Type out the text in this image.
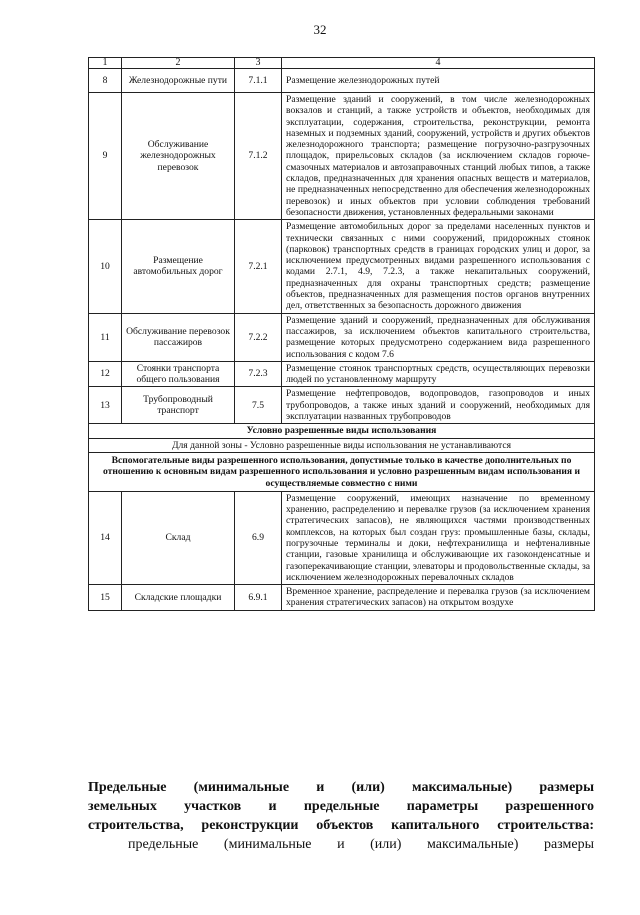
32
1	2	3	4
8	Железнодорожные пути	7.1.1	Размещение железнодорожных путей
9	Обслуживание железнодорожных перевозок	7.1.2	Размещение зданий и сооружений, в том числе железнодорожных вокзалов и станций, а также устройств и объектов, необходимых для эксплуатации, содержания, строительства, реконструкции, ремонта наземных и подземных зданий, сооружений, устройств и других объектов железнодорожного транспорта; размещение погрузочно-разгрузочных площадок, прирельсовых складов (за исключением складов горюче-смазочных материалов и автозаправочных станций любых типов, а также складов, предназначенных для хранения опасных веществ и материалов, не предназначенных непосредственно для обеспечения железнодорожных перевозок) и иных объектов при условии соблюдения требований безопасности движения, установленных федеральными законами
10	Размещение автомобильных дорог	7.2.1	Размещение автомобильных дорог за пределами населенных пунктов и технически связанных с ними сооружений, придорожных стоянок (парковок) транспортных средств в границах городских улиц и дорог, за исключением предусмотренных видами разрешенного использования с кодами 2.7.1, 4.9, 7.2.3, а также некапитальных сооружений, предназначенных для охраны транспортных средств; размещение объектов, предназначенных для размещения постов органов внутренних дел, ответственных за безопасность дорожного движения
11	Обслуживание перевозок пассажиров	7.2.2	Размещение зданий и сооружений, предназначенных для обслуживания пассажиров, за исключением объектов капитального строительства, размещение которых предусмотрено содержанием вида разрешенного использования с кодом 7.6
12	Стоянки транспорта общего пользования	7.2.3	Размещение стоянок транспортных средств, осуществляющих перевозки людей по установленному маршруту
13	Трубопроводный транспорт	7.5	Размещение нефтепроводов, водопроводов, газопроводов и иных трубопроводов, а также иных зданий и сооружений, необходимых для эксплуатации названных трубопроводов
Условно разрешенные виды использования			
Для данной зоны - Условно разрешенные виды использования не устанавливаются			
Вспомогательные виды разрешенного использования, допустимые только в качестве дополнительных по отношению к основным видам разрешенного использования и условно разрешенным видам использования и осуществляемые совместно с ними			
14	Склад	6.9	Размещение сооружений, имеющих назначение по временному хранению, распределению и перевалке грузов (за исключением хранения стратегических запасов), не являющихся частями производственных комплексов, на которых был создан груз: промышленные базы, склады, погрузочные терминалы и доки, нефтехранилища и нефтеналивные станции, газовые хранилища и обслуживающие их газоконденсатные и газоперекачивающие станции, элеваторы и продовольственные склады, за исключением железнодорожных перевалочных складов
15	Складские площадки	6.9.1	Временное хранение, распределение и перевалка грузов (за исключением хранения стратегических запасов) на открытом воздухе
Предельные (минимальные и (или) максимальные) размеры
земельных участков и предельные параметры разрешенного
строительства, реконструкции объектов капитального строительства:
предельные (минимальные и (или) максимальные) размеры
